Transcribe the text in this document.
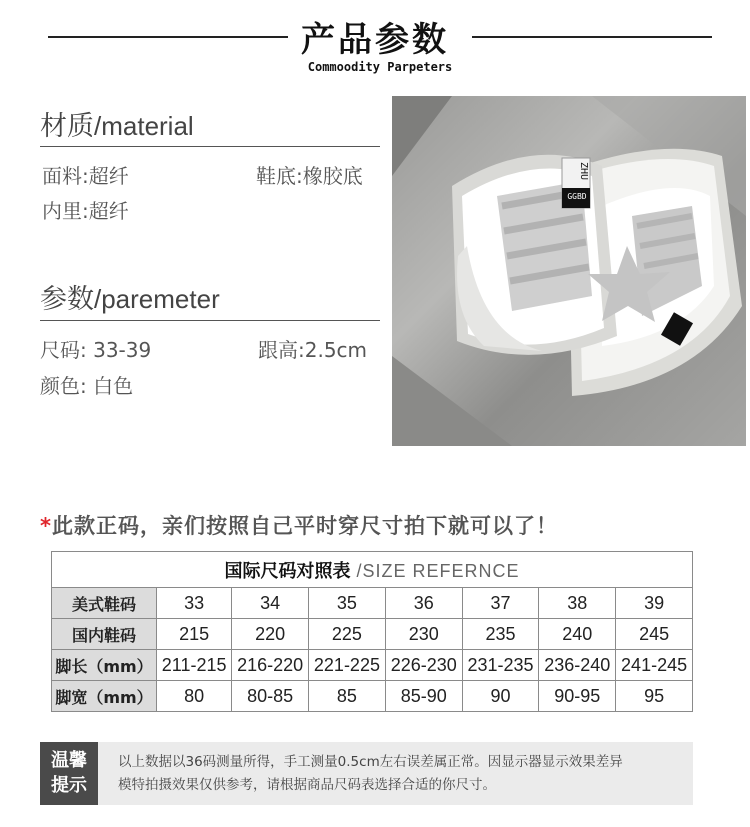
产品参数
Commoodity Parpeters
材质/material
面料:超纤	鞋底:橡胶底
内里:超纤
参数/paremeter
尺码: 33-39	跟高:2.5cm
颜色: 白色
ZHU
GGBD
*此款正码，亲们按照自己平时穿尺寸拍下就可以了！
国际尺码对照表 /SIZE REFERNCE							
美式鞋码	33	34	35	36	37	38	39
国内鞋码	215	220	225	230	235	240	245
脚长（mm）	211-215	216-220	221-225	226-230	231-235	236-240	241-245
脚宽（mm）	80	80-85	85	85-90	90	90-95	95
温馨
提示
以上数据以36码测量所得，手工测量0.5cm左右误差属正常。因显示器显示效果差异
模特拍摄效果仅供参考，请根据商品尺码表选择合适的你尺寸。
